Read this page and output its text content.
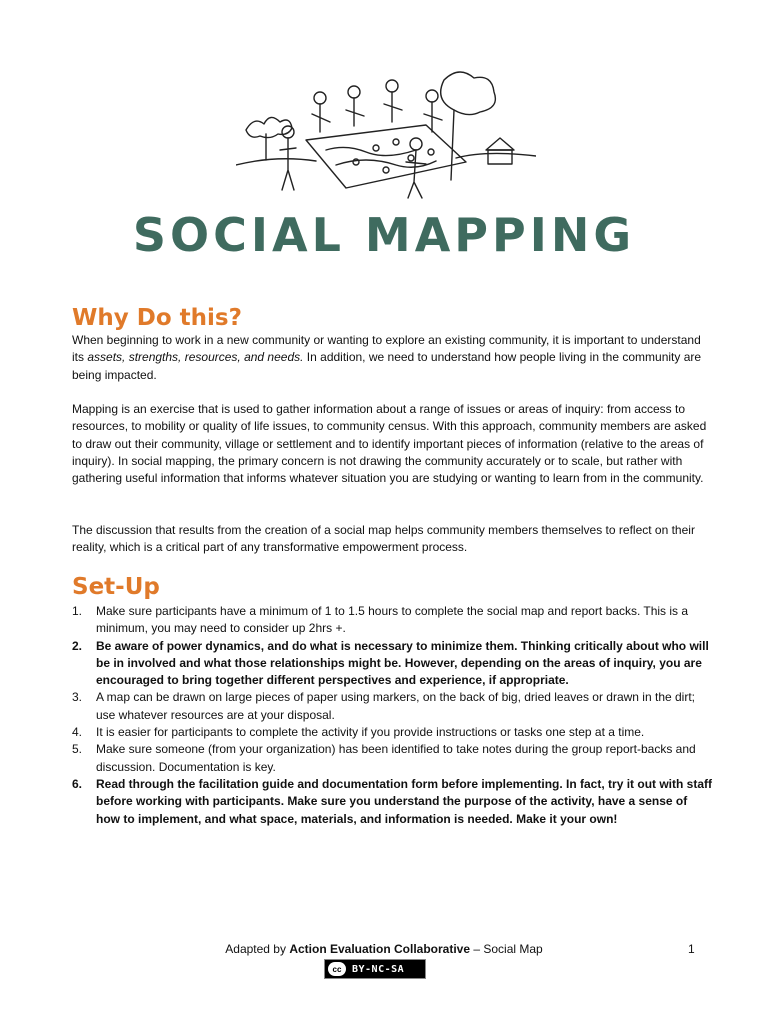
SOCIAL MAPPING
Why Do this?

When beginning to work in a new community or wanting to explore an existing community, it is important to understand its assets, strengths, resources, and needs. In addition, we need to understand how people living in the community are being impacted.

Mapping is an exercise that is used to gather information about a range of issues or areas of inquiry: from access to resources, to mobility or quality of life issues, to community census. With this approach, community members are asked to draw out their community, village or settlement and to identify important pieces of information (relative to the areas of inquiry). In social mapping, the primary concern is not drawing the community accurately or to scale, but rather with gathering useful information that informs whatever situation you are studying or wanting to learn from in the community.

The discussion that results from the creation of a social map helps community members themselves to reflect on their reality, which is a critical part of any transformative empowerment process.

Set-Up
1. Make sure participants have a minimum of 1 to 1.5 hours to complete the social map and report backs. This is a minimum, you may need to consider up 2hrs +.
2. Be aware of power dynamics, and do what is necessary to minimize them. Thinking critically about who will be in involved and what those relationships might be. However, depending on the areas of inquiry, you are encouraged to bring together different perspectives and experience, if appropriate.
3. A map can be drawn on large pieces of paper using markers, on the back of big, dried leaves or drawn in the dirt; use whatever resources are at your disposal.
4. It is easier for participants to complete the activity if you provide instructions or tasks one step at a time.
5. Make sure someone (from your organization) has been identified to take notes during the group report-backs and discussion. Documentation is key.
6. Read through the facilitation guide and documentation form before implementing. In fact, try it out with staff before working with participants. Make sure you understand the purpose of the activity, have a sense of how to implement, and what space, materials, and information is needed. Make it your own!
Adapted by Action Evaluation Collaborative – Social Map	1
cc	BY-NC-SA
